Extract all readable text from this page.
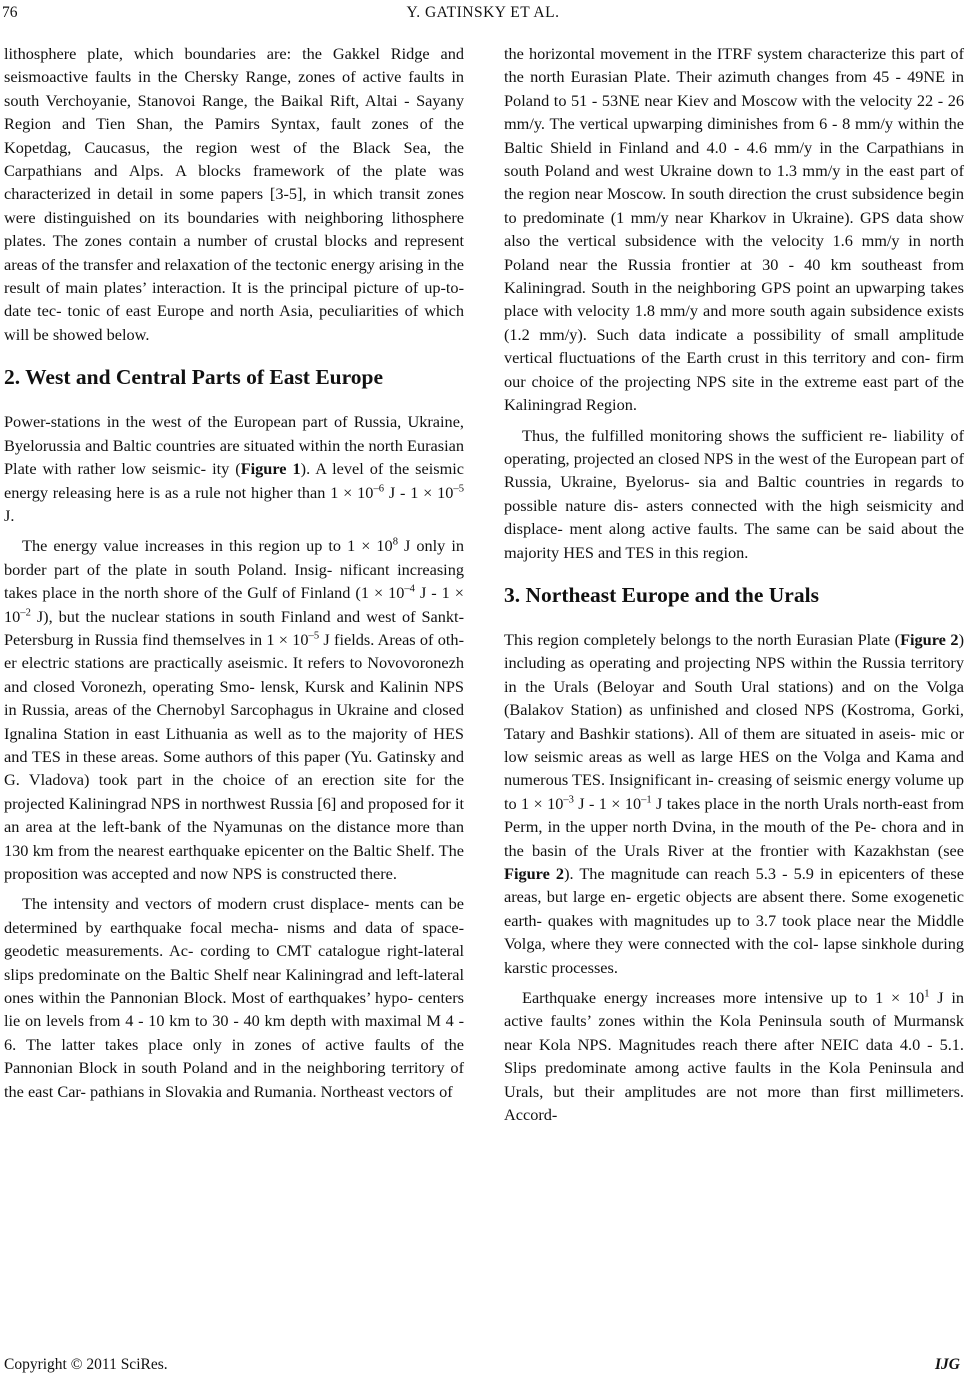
76	Y. GATINSKY ET AL.

lithosphere plate, which boundaries are: the Gakkel Ridge and seismoactive faults in the Chersky Range, zones of active faults in south Verchoyanie, Stanovoi Range, the Baikal Rift, Altai - Sayany Region and Tien Shan, the Pamirs Syntax, fault zones of the Kopetdag, Caucasus, the region west of the Black Sea, the Carpathians and Alps. A blocks framework of the plate was characterized in detail in some papers [3-5], in which transit zones were distinguished on its boundaries with neighboring lithosphere plates. The zones contain a number of crustal blocks and represent areas of the transfer and relaxation of the tectonic energy arising in the result of main plates’ interaction. It is the principal picture of up-to-date tec- tonic of east Europe and north Asia, peculiarities of which will be showed below.

2. West and Central Parts of East Europe

Power-stations in the west of the European part of Russia, Ukraine, Byelorussia and Baltic countries are situated within the north Eurasian Plate with rather low seismic- ity (Figure 1). A level of the seismic energy releasing here is as a rule not higher than $1 \times 10^{-6}$ $J - 1 \times 10^{-5}$ J.

The energy value increases in this region up to $1 \times 10^8$ J only in border part of the plate in south Poland. Insig- nificant increasing takes place in the north shore of the Gulf of Finland ($1 \times 10^{-4}$ $J - 1 \times 10^{-2}$ J), but the nuclear stations in south Finland and west of Sankt-Petersburg in Russia find themselves in $1 \times 10^{-5}$ J fields. Areas of oth- er electric stations are practically aseismic. It refers to Novovoronezh and closed Voronezh, operating Smo- lensk, Kursk and Kalinin NPS in Russia, areas of the Chernobyl Sarcophagus in Ukraine and closed Ignalina Station in east Lithuania as well as to the majority of HES and TES in these areas. Some authors of this paper (Yu. Gatinsky and G. Vladova) took part in the choice of an erection site for the projected Kaliningrad NPS in northwest Russia [6] and proposed for it an area at the left-bank of the Nyamunas on the distance more than 130 km from the nearest earthquake epicenter on the Baltic Shelf. The proposition was accepted and now NPS is constructed there.

The intensity and vectors of modern crust displace- ments can be determined by earthquake focal mecha- nisms and data of space-geodetic measurements. Ac- cording to CMT catalogue right-lateral slips predominate on the Baltic Shelf near Kaliningrad and left-lateral ones within the Pannonian Block. Most of earthquakes’ hypo- centers lie on levels from 4 - 10 km to 30 - 40 km depth with maximal M 4 - 6. The latter takes place only in zones of active faults of the Pannonian Block in south Poland and in the neighboring territory of the east Car- pathians in Slovakia and Rumania. Northeast vectors of

the horizontal movement in the ITRF system characterize this part of the north Eurasian Plate. Their azimuth changes from 45 - 49NE in Poland to 51 - 53NE near Kiev and Moscow with the velocity 22 - 26 mm/y. The vertical upwarping diminishes from 6 - 8 mm/y within the Baltic Shield in Finland and 4.0 - 4.6 mm/y in the Carpathians in south Poland and west Ukraine down to 1.3 mm/y in the east part of the region near Moscow. In south direction the crust subsidence begin to predominate (1 mm/y near Kharkov in Ukraine). GPS data show also the vertical subsidence with the velocity 1.6 mm/y in north Poland near the Russia frontier at 30 - 40 km southeast from Kaliningrad. South in the neighboring GPS point an upwarping takes place with velocity 1.8 mm/y and more south again subsidence exists (1.2 mm/y). Such data indicate a possibility of small amplitude vertical fluctuations of the Earth crust in this territory and con- firm our choice of the projecting NPS site in the extreme east part of the Kaliningrad Region.

Thus, the fulfilled monitoring shows the sufficient re- liability of operating, projected an closed NPS in the west of the European part of Russia, Ukraine, Byelorus- sia and Baltic countries in regards to possible nature dis- asters connected with the high seismicity and displace- ment along active faults. The same can be said about the majority HES and TES in this region.

3. Northeast Europe and the Urals

This region completely belongs to the north Eurasian Plate (Figure 2) including as operating and projecting NPS within the Russia territory in the Urals (Beloyar and South Ural stations) and on the Volga (Balakov Station) as unfinished and closed NPS (Kostroma, Gorki, Tatary and Bashkir stations). All of them are situated in aseis- mic or low seismic areas as well as large HES on the Volga and Kama and numerous TES. Insignificant in- creasing of seismic energy volume up to $1 \times 10^{-3}$ $J - 1 \times 10^{-1}$ J takes place in the north Urals north-east from Perm, in the upper north Dvina, in the mouth of the Pe- chora and in the basin of the Urals River at the frontier with Kazakhstan (see Figure 2). The magnitude can reach 5.3 - 5.9 in epicenters of these areas, but large en- ergetic objects are absent there. Some exogenetic earth- quakes with magnitudes up to 3.7 took place near the Middle Volga, where they were connected with the col- lapse sinkhole during karstic processes.

Earthquake energy increases more intensive up to $1 \times 10^1$ J in active faults’ zones within the Kola Peninsula south of Murmansk near Kola NPS. Magnitudes reach there after NEIC data 4.0 - 5.1. Slips predominate among active faults in the Kola Peninsula and Urals, but their amplitudes are not more than first millimeters. Accord-

Copyright © 2011 SciRes.	IJG
